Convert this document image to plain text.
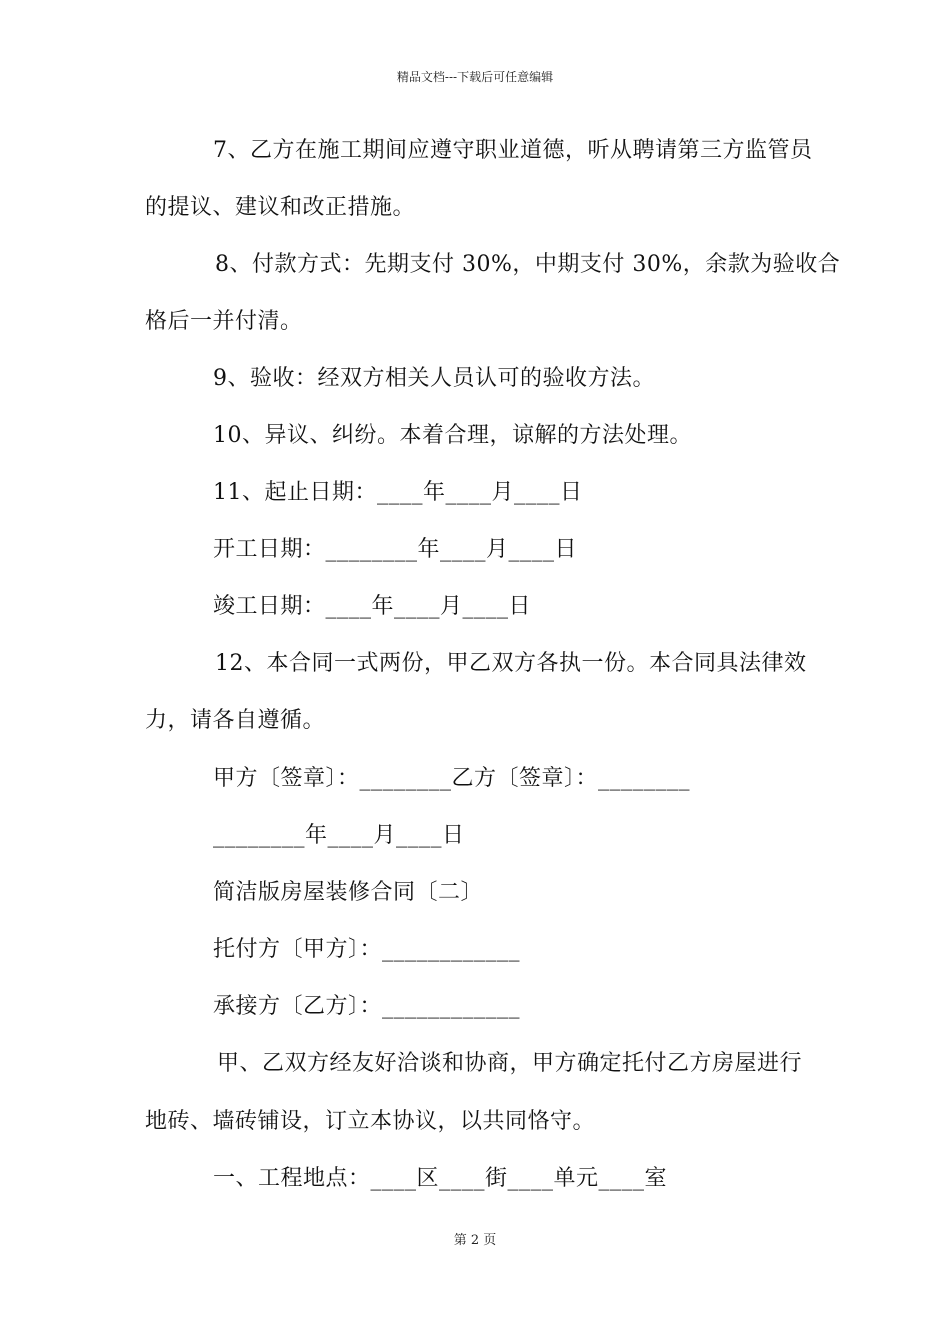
精品文档---下载后可任意编辑
7、乙方在施工期间应遵守职业道德，听从聘请第三方监管员
的提议、建议和改正措施。
8、付款方式：先期支付 30%，中期支付 30%，余款为验收合
格后一并付清。
9、验收：经双方相关人员认可的验收方法。
10、异议、纠纷。本着合理，谅解的方法处理。
11、起止日期：____年____月____日
开工日期：________年____月____日
竣工日期：____年____月____日
12、本合同一式两份，甲乙双方各执一份。本合同具法律效
力，请各自遵循。
甲方〔签章〕：________乙方〔签章〕：________
________年____月____日
简洁版房屋装修合同〔二〕
托付方〔甲方〕：____________
承接方〔乙方〕：____________
甲、乙双方经友好洽谈和协商，甲方确定托付乙方房屋进行
地砖、墙砖铺设，订立本协议，以共同恪守。
一、工程地点：____区____街____单元____室
第 2 页
